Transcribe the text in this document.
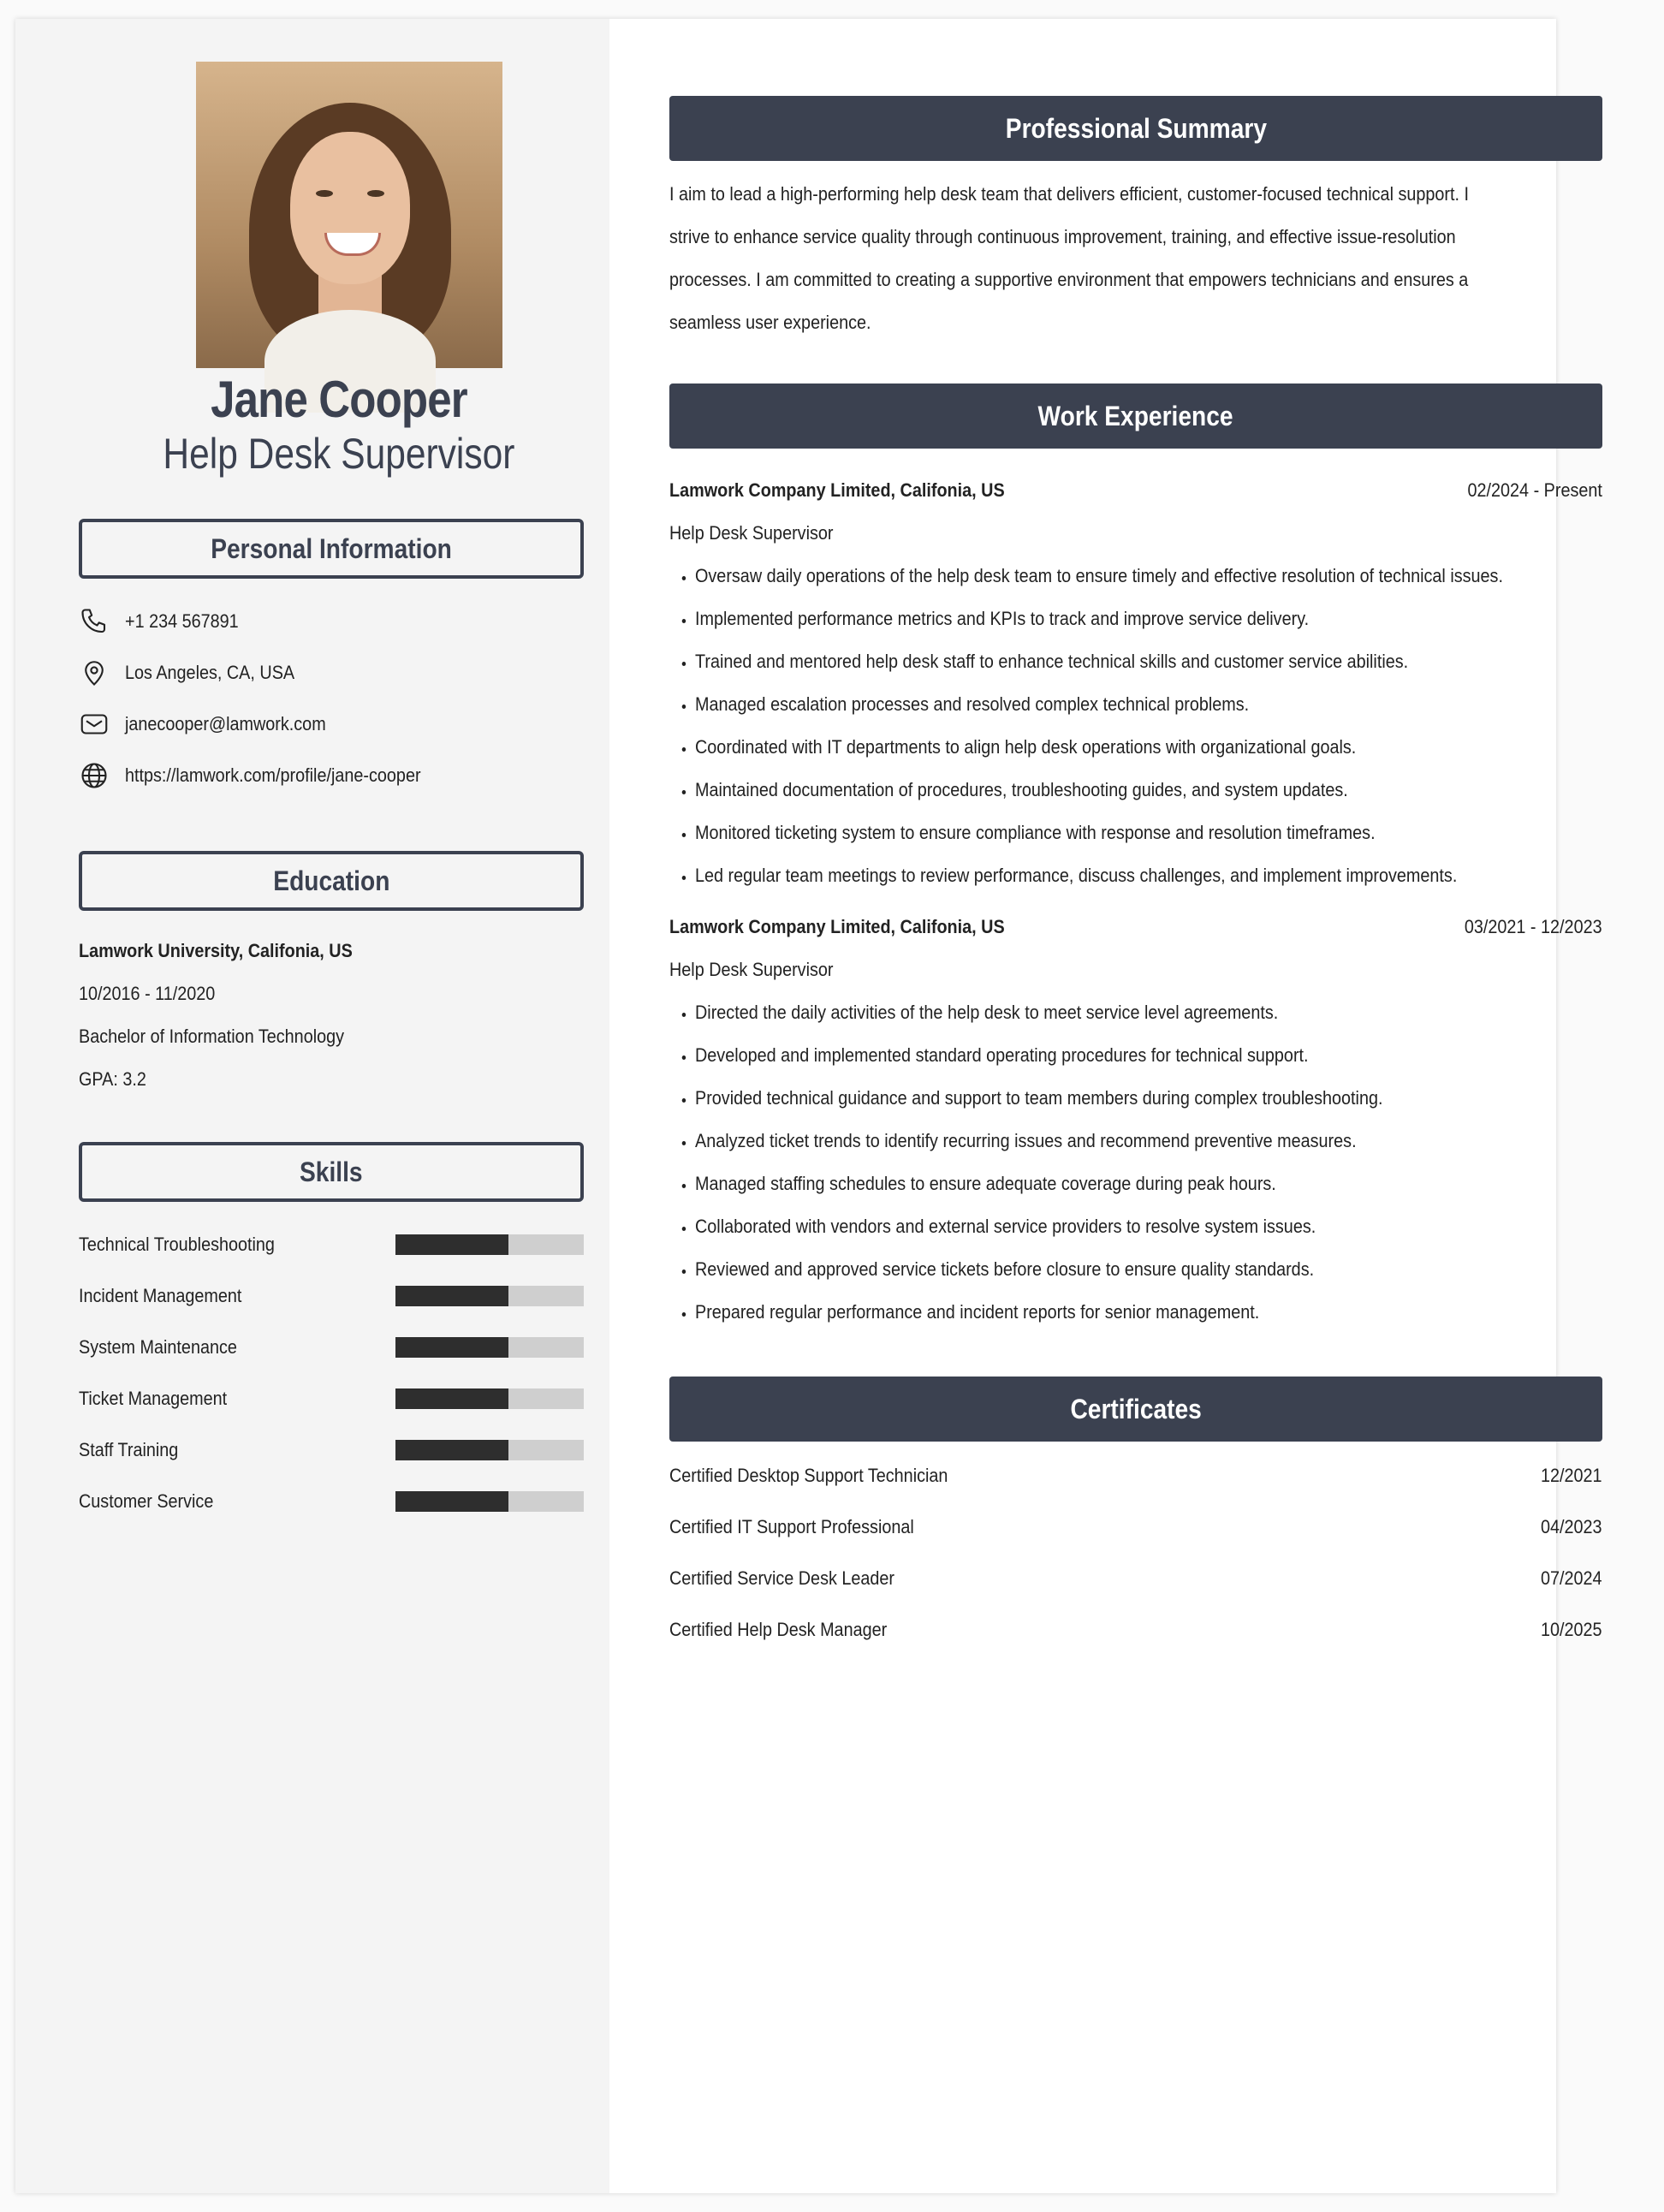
Jane Cooper
Help Desk Supervisor
Personal Information
+1 234 567891
Los Angeles, CA, USA
janecooper@lamwork.com
https://lamwork.com/profile/jane-cooper
Education
Lamwork University, Califonia, US
10/2016 - 11/2020
Bachelor of Information Technology
GPA: 3.2
Skills
Technical Troubleshooting
Incident Management
System Maintenance
Ticket Management
Staff Training
Customer Service
Professional Summary
I aim to lead a high-performing help desk team that delivers efficient, customer-focused technical support. I strive to enhance service quality through continuous improvement, training, and effective issue-resolution processes. I am committed to creating a supportive environment that empowers technicians and ensures a seamless user experience.
Work Experience
Lamwork Company Limited, Califonia, US	02/2024 - Present
Help Desk Supervisor
• Oversaw daily operations of the help desk team to ensure timely and effective resolution of technical issues.
• Implemented performance metrics and KPIs to track and improve service delivery.
• Trained and mentored help desk staff to enhance technical skills and customer service abilities.
• Managed escalation processes and resolved complex technical problems.
• Coordinated with IT departments to align help desk operations with organizational goals.
• Maintained documentation of procedures, troubleshooting guides, and system updates.
• Monitored ticketing system to ensure compliance with response and resolution timeframes.
• Led regular team meetings to review performance, discuss challenges, and implement improvements.
Lamwork Company Limited, Califonia, US	03/2021 - 12/2023
Help Desk Supervisor
• Directed the daily activities of the help desk to meet service level agreements.
• Developed and implemented standard operating procedures for technical support.
• Provided technical guidance and support to team members during complex troubleshooting.
• Analyzed ticket trends to identify recurring issues and recommend preventive measures.
• Managed staffing schedules to ensure adequate coverage during peak hours.
• Collaborated with vendors and external service providers to resolve system issues.
• Reviewed and approved service tickets before closure to ensure quality standards.
• Prepared regular performance and incident reports for senior management.
Certificates
Certified Desktop Support Technician	12/2021
Certified IT Support Professional	04/2023
Certified Service Desk Leader	07/2024
Certified Help Desk Manager	10/2025
